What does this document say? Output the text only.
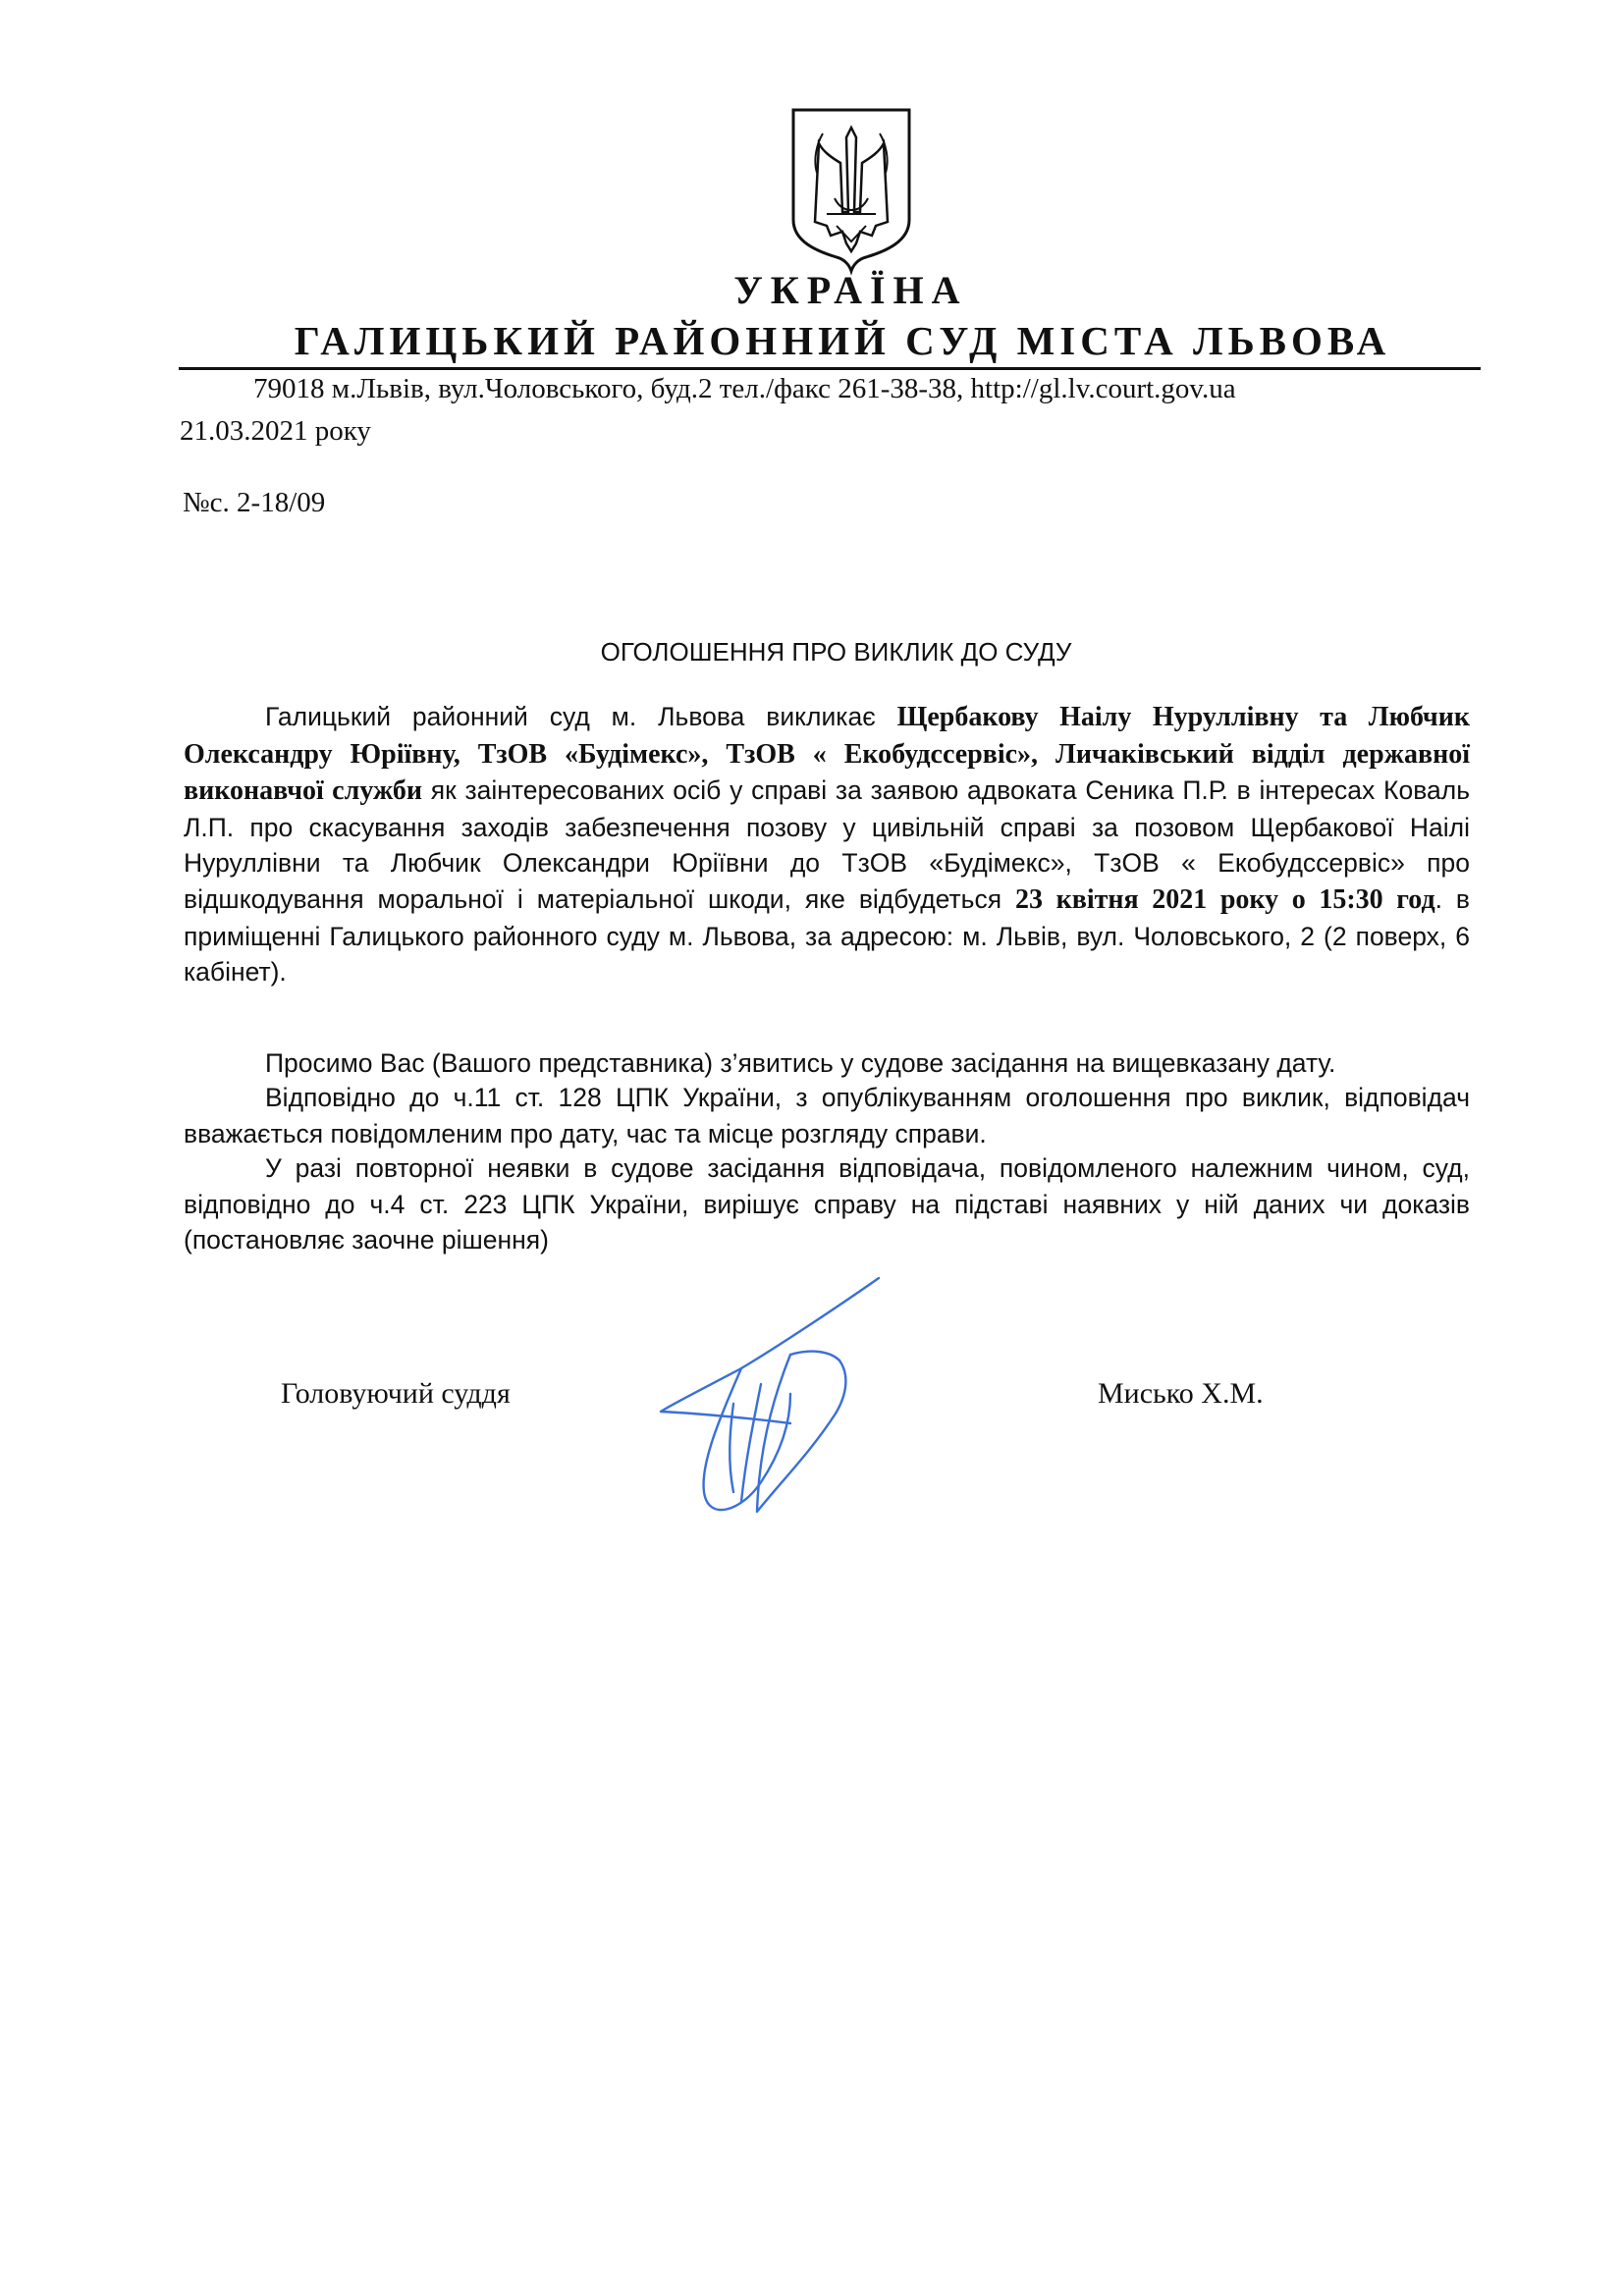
УКРАЇНА
ГАЛИЦЬКИЙ РАЙОННИЙ СУД МІСТА ЛЬВОВА
79018 м.Львів, вул.Чоловського, буд.2 тел./факс 261-38-38, http://gl.lv.court.gov.ua
21.03.2021 року
№с. 2-18/09
ОГОЛОШЕННЯ ПРО ВИКЛИК ДО СУДУ

Галицький районний суд м. Львова викликає Щербакову Наілу Нуруллівну та Любчик Олександру Юріївну, ТзОВ «Будімекс», ТзОВ « Екобудссервіс», Личаківський відділ державної виконавчої служби як заінтересованих осіб у справі за заявою адвоката Сеника П.Р. в інтересах Коваль Л.П. про скасування заходів забезпечення позову у цивільній справі за позовом Щербакової Наілі Нуруллівни та Любчик Олександри Юріївни до ТзОВ «Будімекс», ТзОВ « Екобудссервіс» про відшкодування моральної і матеріальної шкоди, яке відбудеться 23 квітня 2021 року о 15:30 год. в приміщенні Галицького районного суду м. Львова, за адресою: м. Львів, вул. Чоловського, 2 (2 поверх, 6 кабінет).

Просимо Вас (Вашого представника) з’явитись у судове засідання на вищевказану дату.

Відповідно до ч.11 ст. 128 ЦПК України, з опублікуванням оголошення про виклик, відповідач вважається повідомленим про дату, час та місце розгляду справи.

У разі повторної неявки в судове засідання відповідача, повідомленого належним чином, суд, відповідно до ч.4 ст. 223 ЦПК України, вирішує справу на підставі наявних у ній даних чи доказів (постановляє заочне рішення)

Головуючий суддя	Мисько Х.М.
